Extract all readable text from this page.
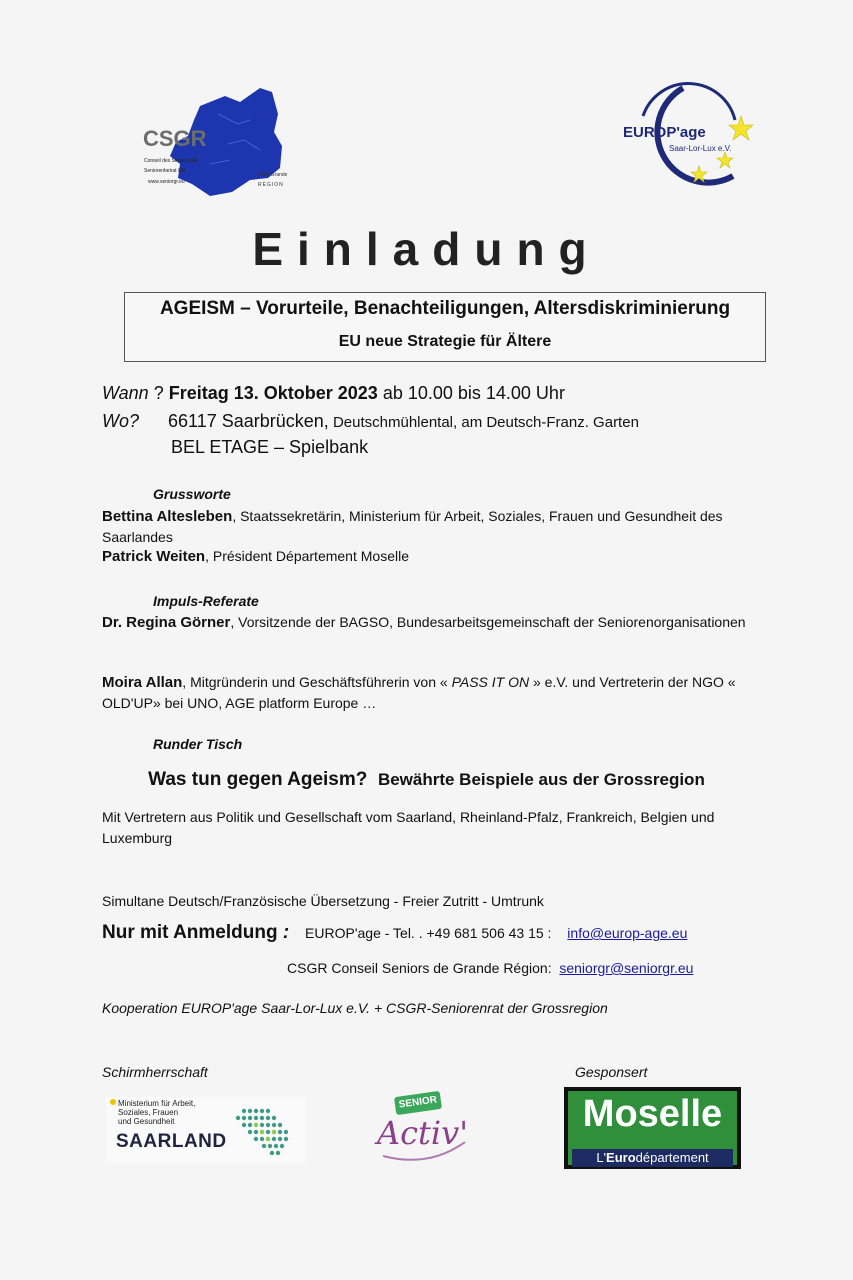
CSGR
Conseil des Seniors GR
Seniorenbeirat GR
www.seniorgr.eu
Groß/Grande
RÉGION
EUROP'age
Saar-Lor-Lux e.V.
Einladung
AGEISM – Vorurteile, Benachteiligungen, Altersdiskriminierung
EU neue Strategie für Ältere
Wann ? Freitag 13. Oktober 2023 ab 10.00 bis 14.00 Uhr
Wo? 66117 Saarbrücken, Deutschmühlental, am Deutsch-Franz. Garten
BEL ETAGE – Spielbank
Grussworte
Bettina Altesleben, Staatssekretärin, Ministerium für Arbeit, Soziales, Frauen und Gesundheit des Saarlandes
Patrick Weiten, Président Département Moselle
Impuls-Referate
Dr. Regina Görner, Vorsitzende der BAGSO, Bundesarbeitsgemeinschaft der Seniorenorganisationen
Moira Allan, Mitgründerin und Geschäftsführerin von « PASS IT ON » e.V. und Vertreterin der NGO « OLD'UP» bei UNO, AGE platform Europe …
Runder Tisch
Was tun gegen Ageism? Bewährte Beispiele aus der Grossregion
Mit Vertretern aus Politik und Gesellschaft vom Saarland, Rheinland-Pfalz, Frankreich, Belgien und Luxemburg
Simultane Deutsch/Französische Übersetzung - Freier Zutritt - Umtrunk
Nur mit Anmeldung :   EUROP'age - Tel. . +49 681 506 43 15 : info@europ-age.eu
CSGR Conseil Seniors de Grande Région: seniorgr@seniorgr.eu
Kooperation EUROP'age Saar-Lor-Lux e.V. + CSGR-Seniorenrat der Grossregion
Schirmherrschaft	Gesponsert
Ministerium für Arbeit,
Soziales, Frauen
und Gesundheit
SAARLAND
SENIOR
Activ'	Moselle
L'Eurodépartement
